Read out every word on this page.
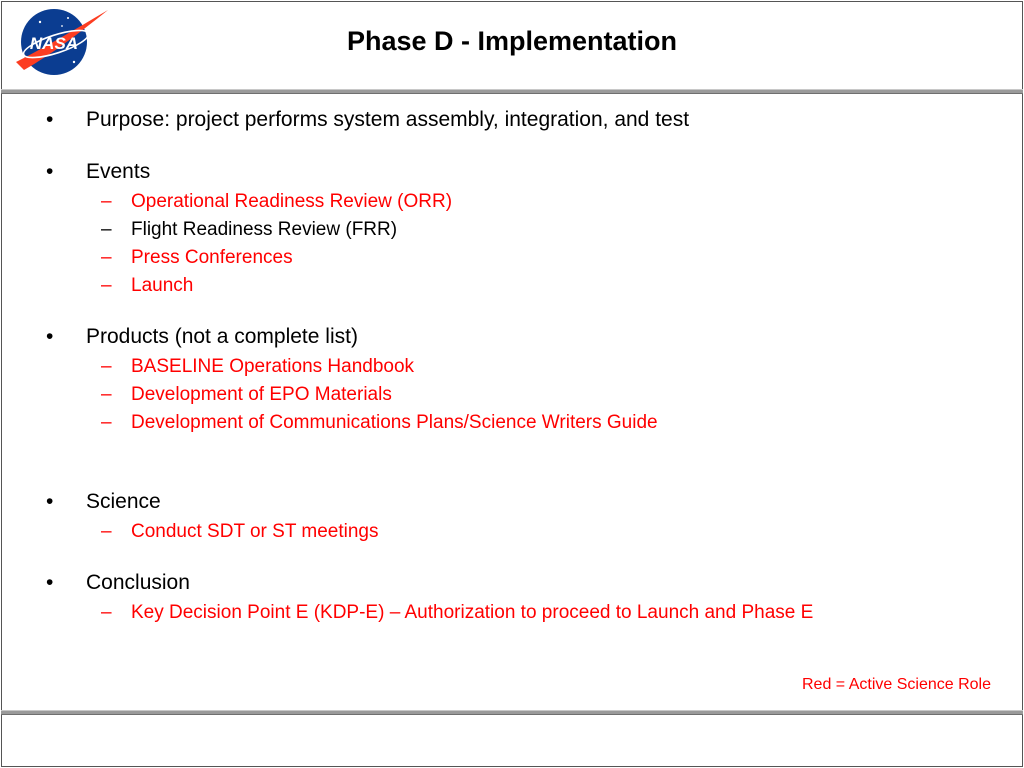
NASA	Phase D - Implementation
• Purpose: project performs system assembly, integration, and test
• Events
– Operational Readiness Review (ORR)
– Flight Readiness Review (FRR)
– Press Conferences
– Launch
• Products (not a complete list)
– BASELINE Operations Handbook
– Development of EPO Materials
– Development of Communications Plans/Science Writers Guide
• Science
– Conduct SDT or ST meetings
• Conclusion
– Key Decision Point E (KDP-E) – Authorization to proceed to Launch and Phase E
Red = Active Science Role
